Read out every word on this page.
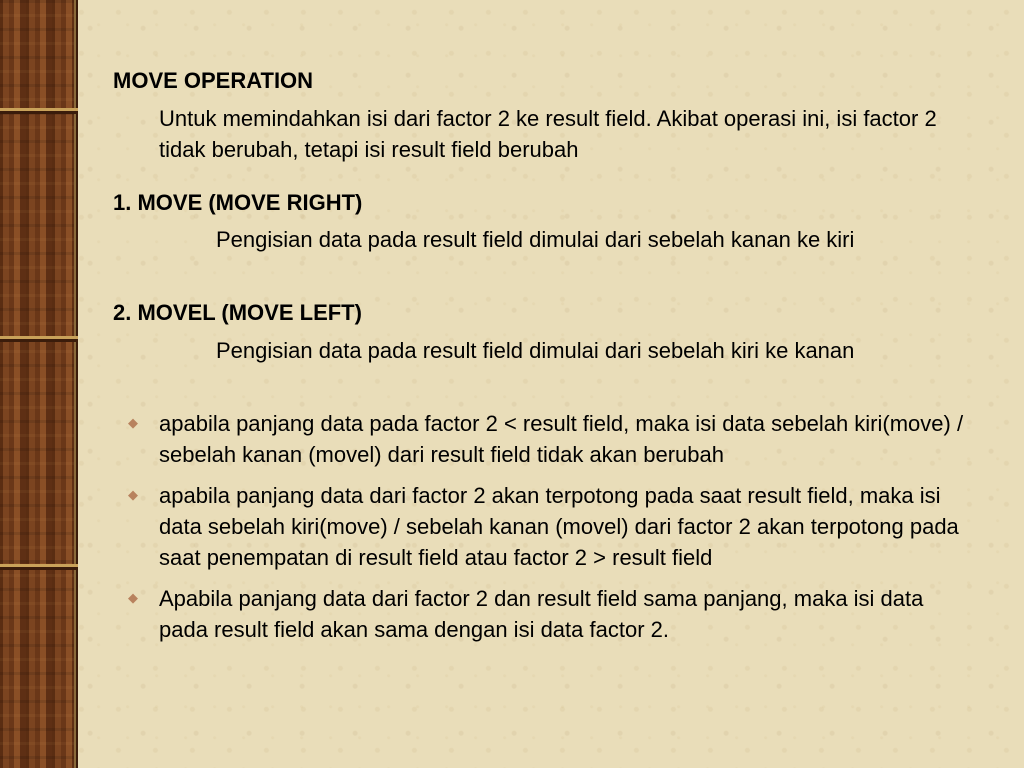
MOVE OPERATION
Untuk memindahkan isi dari factor 2 ke result field. Akibat operasi ini, isi factor 2 tidak berubah, tetapi isi result field berubah
1. MOVE (MOVE RIGHT)
Pengisian data pada result field dimulai dari sebelah kanan ke kiri
2. MOVEL (MOVE LEFT)
Pengisian data pada result field dimulai dari sebelah kiri ke kanan
◆ apabila panjang data pada factor 2 < result field, maka isi data sebelah kiri(move) / sebelah kanan (movel) dari result field tidak akan berubah
◆ apabila panjang data dari factor 2 akan terpotong pada saat result field, maka isi data sebelah kiri(move) / sebelah kanan (movel) dari factor 2 akan terpotong pada saat penempatan di result field atau factor 2 > result field
◆ Apabila panjang data dari factor 2 dan result field sama panjang, maka isi data pada result field akan sama dengan isi data factor 2.
